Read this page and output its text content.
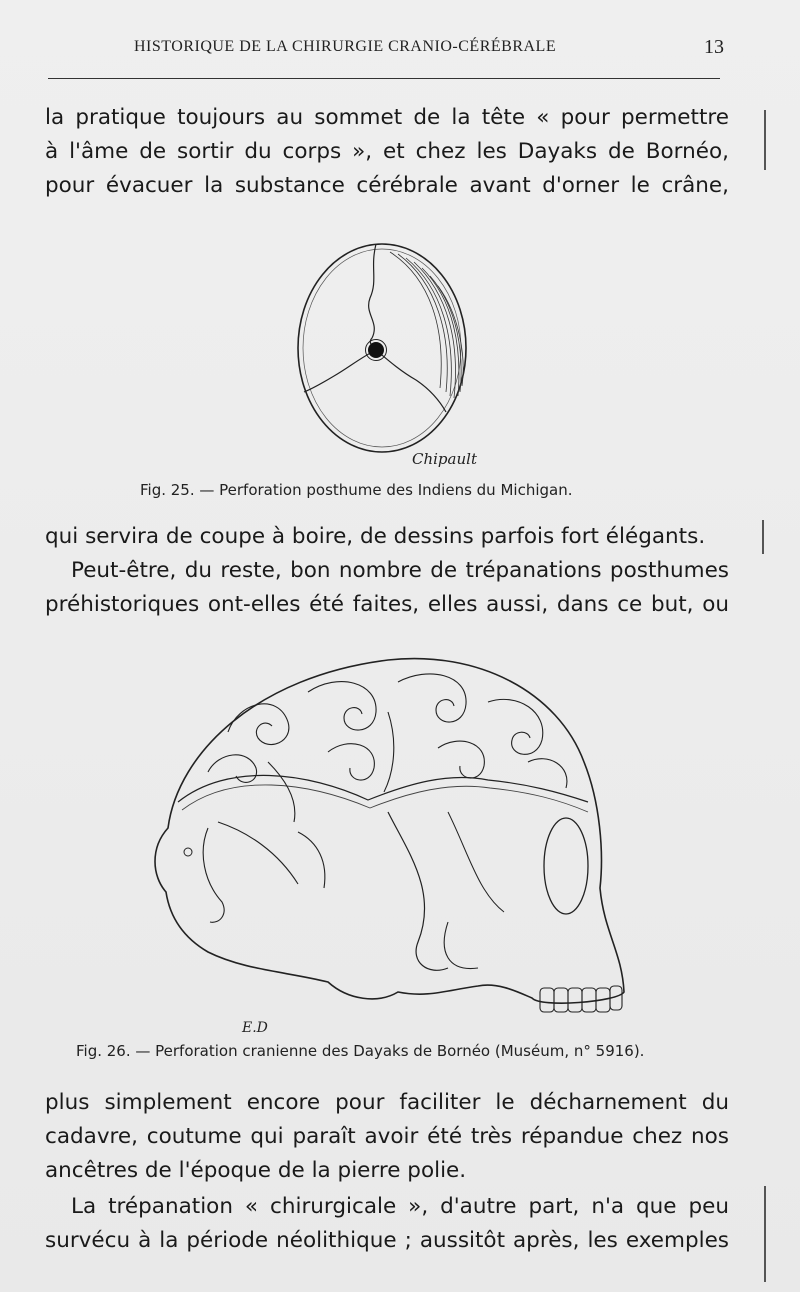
HISTORIQUE DE LA CHIRURGIE CRANIO-CÉRÉBRALE	13
la pratique toujours au sommet de la tête « pour permettre
à l'âme de sortir du corps », et chez les Dayaks de Bornéo,
pour évacuer la substance cérébrale avant d'orner le crâne,
Chipault
Fig. 25. — Perforation posthume des Indiens du Michigan.
qui servira de coupe à boire, de dessins parfois fort élégants.
Peut-être, du reste, bon nombre de trépanations posthumes
préhistoriques ont-elles été faites, elles aussi, dans ce but, ou
E.D
Fig. 26. — Perforation cranienne des Dayaks de Bornéo (Muséum, n° 5916).
plus simplement encore pour faciliter le décharnement du
cadavre, coutume qui paraît avoir été très répandue chez nos
ancêtres de l'époque de la pierre polie.
La trépanation « chirurgicale », d'autre part, n'a que peu
survécu à la période néolithique ; aussitôt après, les exemples
